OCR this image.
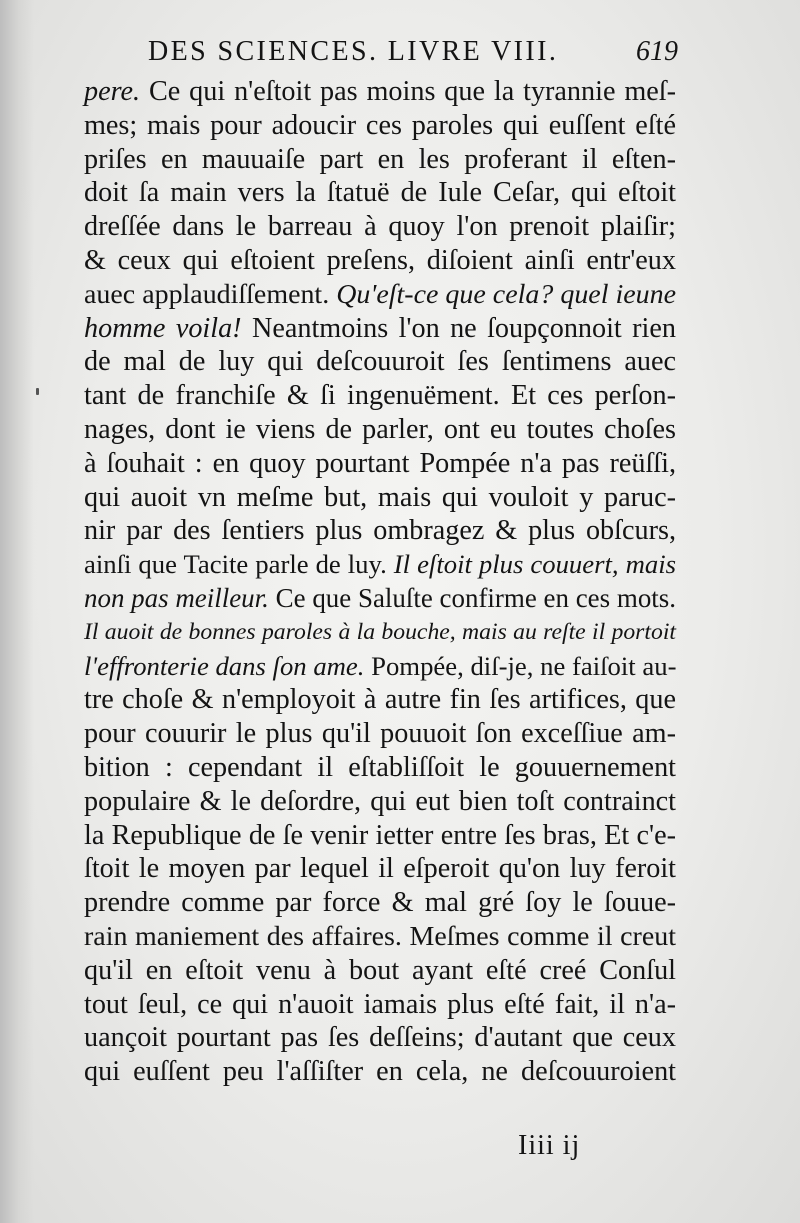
DES SCIENCES. LIVRE VIII.	619
pere. Ce qui n'eſtoit pas moins que la tyrannie meſ-
mes; mais pour adoucir ces paroles qui euſſent eſté
priſes en mauuaiſe part en les proferant il eſten-
doit ſa main vers la ſtatuë de Iule Ceſar, qui eſtoit
dreſſée dans le barreau à quoy l'on prenoit plaiſir;
& ceux qui eſtoient preſens, diſoient ainſi entr'eux
auec applaudiſſement. Qu'eſt-ce que cela? quel ieune
homme voila! Neantmoins l'on ne ſoupçonnoit rien
de mal de luy qui deſcouuroit ſes ſentimens auec
tant de franchiſe & ſi ingenuëment. Et ces perſon-
nages, dont ie viens de parler, ont eu toutes choſes
à ſouhait : en quoy pourtant Pompée n'a pas reüſſi,
qui auoit vn meſme but, mais qui vouloit y paruc-
nir par des ſentiers plus ombragez & plus obſcurs,
ainſi que Tacite parle de luy. Il eſtoit plus couuert, mais
non pas meilleur. Ce que Saluſte confirme en ces mots.
Il auoit de bonnes paroles à la bouche, mais au reſte il portoit
l'effronterie dans ſon ame. Pompée, diſ-je, ne faiſoit au-
tre choſe & n'employoit à autre fin ſes artifices, que
pour couurir le plus qu'il pouuoit ſon exceſſiue am-
bition : cependant il eſtabliſſoit le gouuernement
populaire & le deſordre, qui eut bien toſt contrainct
la Republique de ſe venir ietter entre ſes bras, Et c'e-
ſtoit le moyen par lequel il eſperoit qu'on luy feroit
prendre comme par force & mal gré ſoy le ſouue-
rain maniement des affaires. Meſmes comme il creut
qu'il en eſtoit venu à bout ayant eſté creé Conſul
tout ſeul, ce qui n'auoit iamais plus eſté fait, il n'a-
uançoit pourtant pas ſes deſſeins; d'autant que ceux
qui euſſent peu l'aſſiſter en cela, ne deſcouuroient
Iiii ij
